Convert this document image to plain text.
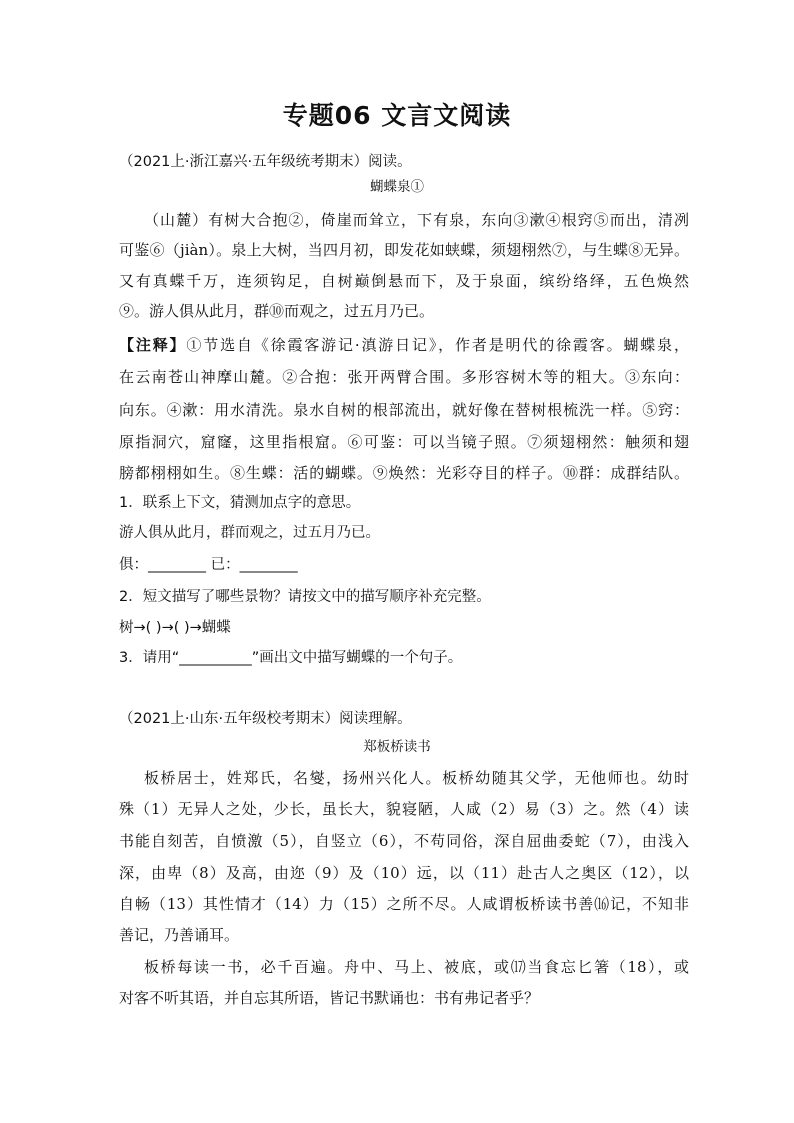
专题06 文言文阅读
（2021上·浙江嘉兴·五年级统考期末）阅读。
蝴蝶泉①
（山麓）有树大合抱②，倚崖而耸立，下有泉，东向③漱④根窍⑤而出，清冽
可鉴⑥（jiàn）。泉上大树，当四月初，即发花如蛱蝶，须翅栩然⑦，与生蝶⑧无异。
又有真蝶千万，连须钩足，自树巅倒悬而下，及于泉面，缤纷络绎，五色焕然
⑨。游人俱从此月，群⑩而观之，过五月乃已。
【注释】①节选自《徐霞客游记·滇游日记》，作者是明代的徐霞客。蝴蝶泉，
在云南苍山神摩山麓。②合抱：张开两臂合围。多形容树木等的粗大。③东向：
向东。④漱：用水清洗。泉水自树的根部流出，就好像在替树根梳洗一样。⑤窍：
原指洞穴，窟窿，这里指根窟。⑥可鉴：可以当镜子照。⑦须翅栩然：触须和翅
膀都栩栩如生。⑧生蝶：活的蝴蝶。⑨焕然：光彩夺目的样子。⑩群：成群结队。
1．联系上下文，猜测加点字的意思。
游人俱从此月，群而观之，过五月乃已。
俱：________ 已：________
2．短文描写了哪些景物？请按文中的描写顺序补充完整。
树→( )→( )→蝴蝶
3．请用“__________”画出文中描写蝴蝶的一个句子。
（2021上·山东·五年级校考期末）阅读理解。
郑板桥读书
板桥居士，姓郑氏，名燮，扬州兴化人。板桥幼随其父学，无他师也。幼时
殊（1）无异人之处，少长，虽长大，貌寝陋，人咸（2）易（3）之。然（4）读
书能自刻苦，自愤激（5），自竖立（6），不苟同俗，深自屈曲委蛇（7），由浅入
深，由卑（8）及高，由迩（9）及（10）远，以（11）赴古人之奥区（12），以
自畅（13）其性情才（14）力（15）之所不尽。人咸谓板桥读书善⒃记，不知非
善记，乃善诵耳。
板桥每读一书，必千百遍。舟中、马上、被底，或⒄当食忘匕箸（18），或
对客不听其语，并自忘其所语，皆记书默诵也：书有弗记者乎？
